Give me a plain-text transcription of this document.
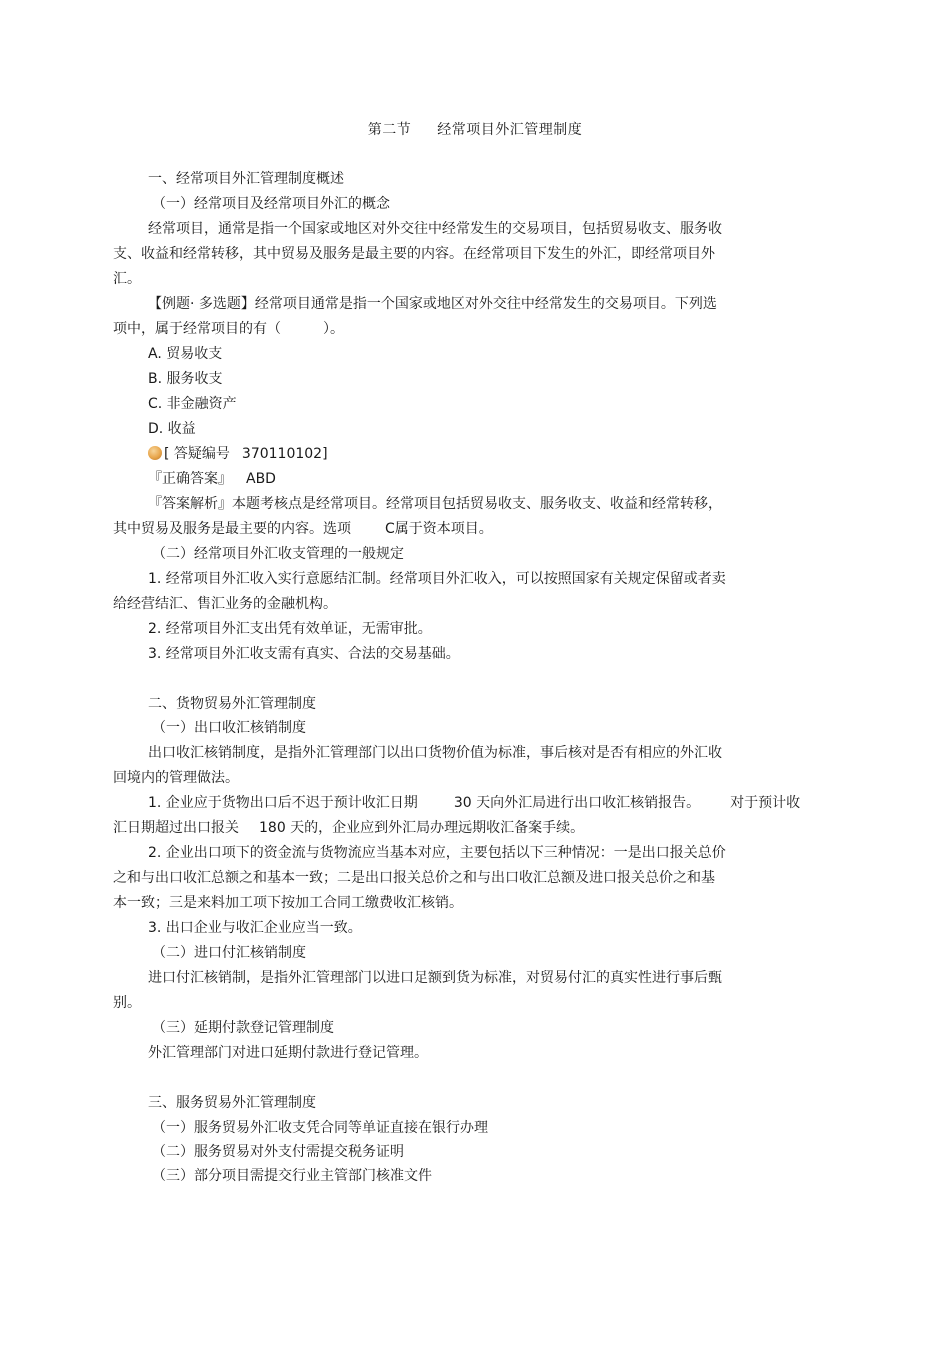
第二节 经常项目外汇管理制度
一、经常项目外汇管理制度概述
（一）经常项目及经常项目外汇的概念
经常项目，通常是指一个国家或地区对外交往中经常发生的交易项目，包括贸易收支、服务收
支、收益和经常转移，其中贸易及服务是最主要的内容。在经常项目下发生的外汇，即经常项目外
汇。
【例题· 多选题】经常项目通常是指一个国家或地区对外交往中经常发生的交易项目。下列选
项中，属于经常项目的有（　　　）。
A. 贸易收支
B. 服务收支
C. 非金融资产
D. 收益
[ 答疑编号 370110102]
『正确答案』 ABD
『答案解析』本题考核点是经常项目。经常项目包括贸易收支、服务收支、收益和经常转移，
其中贸易及服务是最主要的内容。选项 C属于资本项目。
（二）经常项目外汇收支管理的一般规定
1. 经常项目外汇收入实行意愿结汇制。经常项目外汇收入，可以按照国家有关规定保留或者卖
给经营结汇、售汇业务的金融机构。
2. 经常项目外汇支出凭有效单证，无需审批。
3. 经常项目外汇收支需有真实、合法的交易基础。
二、货物贸易外汇管理制度
（一）出口收汇核销制度
出口收汇核销制度，是指外汇管理部门以出口货物价值为标准，事后核对是否有相应的外汇收
回境内的管理做法。
1. 企业应于货物出口后不迟于预计收汇日期	30 天向外汇局进行出口收汇核销报告。 对于预计收
汇日期超过出口报关 180 天的，企业应到外汇局办理远期收汇备案手续。
2. 企业出口项下的资金流与货物流应当基本对应，主要包括以下三种情况：一是出口报关总价
之和与出口收汇总额之和基本一致；二是出口报关总价之和与出口收汇总额及进口报关总价之和基
本一致；三是来料加工项下按加工合同工缴费收汇核销。
3. 出口企业与收汇企业应当一致。
（二）进口付汇核销制度
进口付汇核销制，是指外汇管理部门以进口足额到货为标准，对贸易付汇的真实性进行事后甄
别。
（三）延期付款登记管理制度
外汇管理部门对进口延期付款进行登记管理。
三、服务贸易外汇管理制度
（一）服务贸易外汇收支凭合同等单证直接在银行办理
（二）服务贸易对外支付需提交税务证明
（三）部分项目需提交行业主管部门核准文件
